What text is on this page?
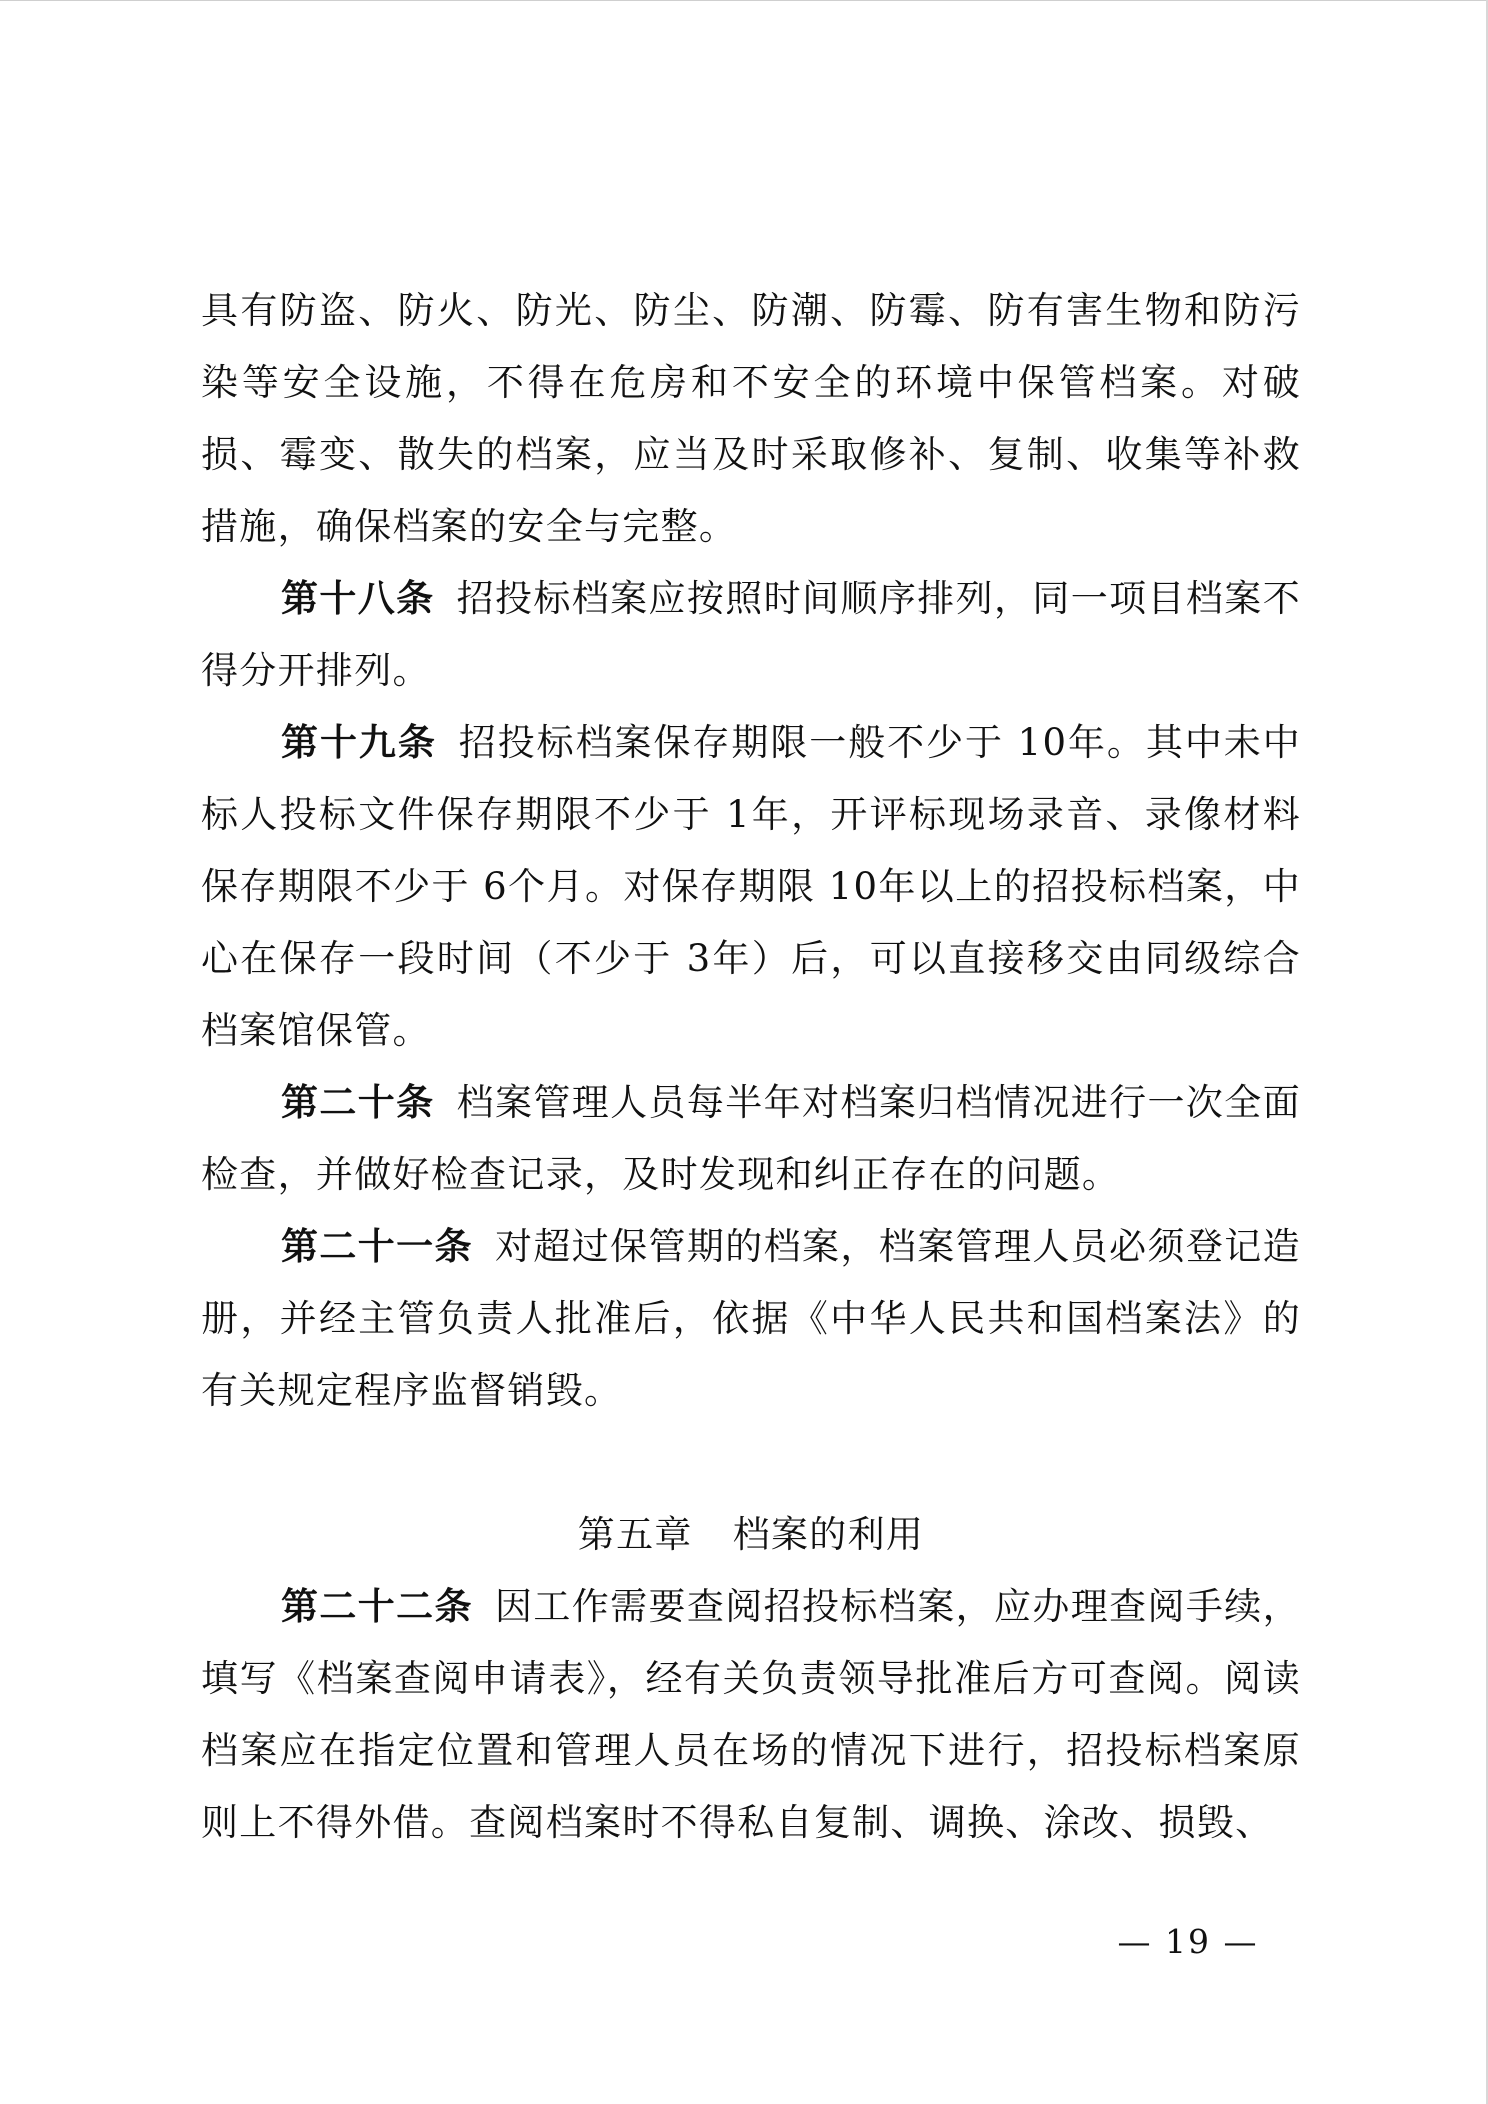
具有防盗、防火、防光、防尘、防潮、防霉、防有害生物和防污染等安全设施，不得在危房和不安全的环境中保管档案。对破损、霉变、散失的档案，应当及时采取修补、复制、收集等补救措施，确保档案的安全与完整。

第十八条 招投标档案应按照时间顺序排列，同一项目档案不得分开排列。

第十九条 招投标档案保存期限一般不少于 10年。其中未中标人投标文件保存期限不少于 1年，开评标现场录音、录像材料保存期限不少于 6个月。对保存期限 10年以上的招投标档案，中心在保存一段时间（不少于 3年）后，可以直接移交由同级综合档案馆保管。

第二十条 档案管理人员每半年对档案归档情况进行一次全面检查，并做好检查记录，及时发现和纠正存在的问题。

第二十一条 对超过保管期的档案，档案管理人员必须登记造册，并经主管负责人批准后，依据《中华人民共和国档案法》的有关规定程序监督销毁。

第五章 档案的利用

第二十二条 因工作需要查阅招投标档案，应办理查阅手续，填写《档案查阅申请表》，经有关负责领导批准后方可查阅。阅读档案应在指定位置和管理人员在场的情况下进行，招投标档案原则上不得外借。查阅档案时不得私自复制、调换、涂改、损毁、

— 19 —
